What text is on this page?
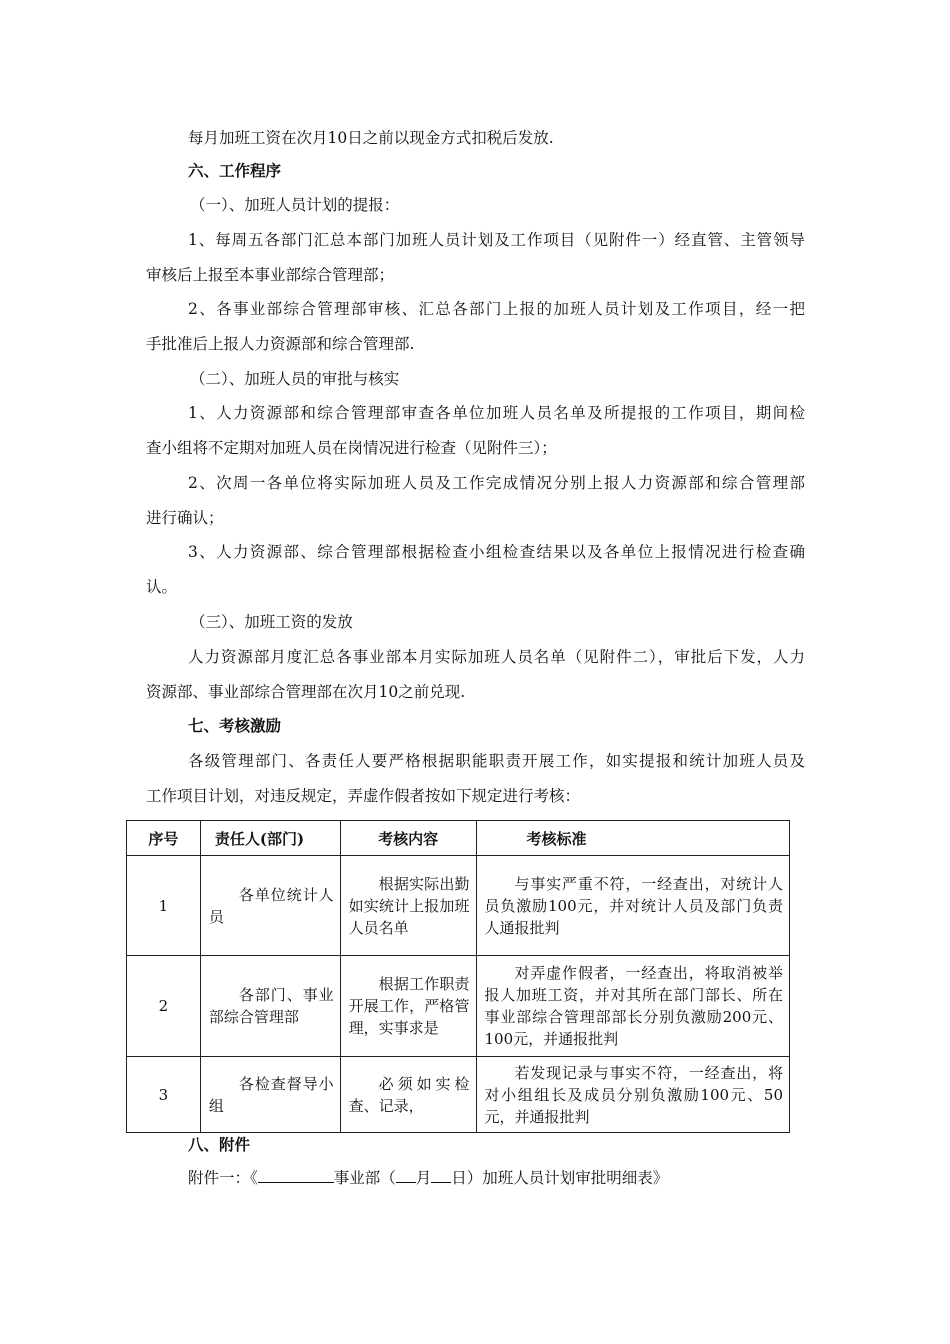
每月加班工资在次月10日之前以现金方式扣税后发放.
六、工作程序
（一）、加班人员计划的提报：
1、每周五各部门汇总本部门加班人员计划及工作项目（见附件一）经直管、主管领导
审核后上报至本事业部综合管理部；
2、各事业部综合管理部审核、汇总各部门上报的加班人员计划及工作项目，经一把
手批准后上报人力资源部和综合管理部.
（二）、加班人员的审批与核实
1、人力资源部和综合管理部审查各单位加班人员名单及所提报的工作项目，期间检
查小组将不定期对加班人员在岗情况进行检查（见附件三）；
2、次周一各单位将实际加班人员及工作完成情况分别上报人力资源部和综合管理部
进行确认；
3、人力资源部、综合管理部根据检查小组检查结果以及各单位上报情况进行检查确
认。
（三）、加班工资的发放
人力资源部月度汇总各事业部本月实际加班人员名单（见附件二），审批后下发，人力
资源部、事业部综合管理部在次月10之前兑现.
七、考核激励
各级管理部门、各责任人要严格根据职能职责开展工作，如实提报和统计加班人员及
工作项目计划，对违反规定，弄虚作假者按如下规定进行考核：
序号	责任人(部门)	考核内容	考核标准

1	各单位统计人员	根据实际出勤如实统计上报加班人员名单	与事实严重不符，一经查出，对统计人员负激励100元，并对统计人员及部门负责人通报批判

2	各部门、事业部综合管理部	根据工作职责开展工作，严格管理，实事求是	对弄虚作假者，一经查出，将取消被举报人加班工资，并对其所在部门部长、所在事业部综合管理部部长分别负激励200元、100元，并通报批判

3	各检查督导小组	必须如实检查、记录，	若发现记录与事实不符，一经查出，将对小组组长及成员分别负激励100元、50元，并通报批判
八、附件
附件一：《	事业部（ 月 日）加班人员计划审批明细表》
